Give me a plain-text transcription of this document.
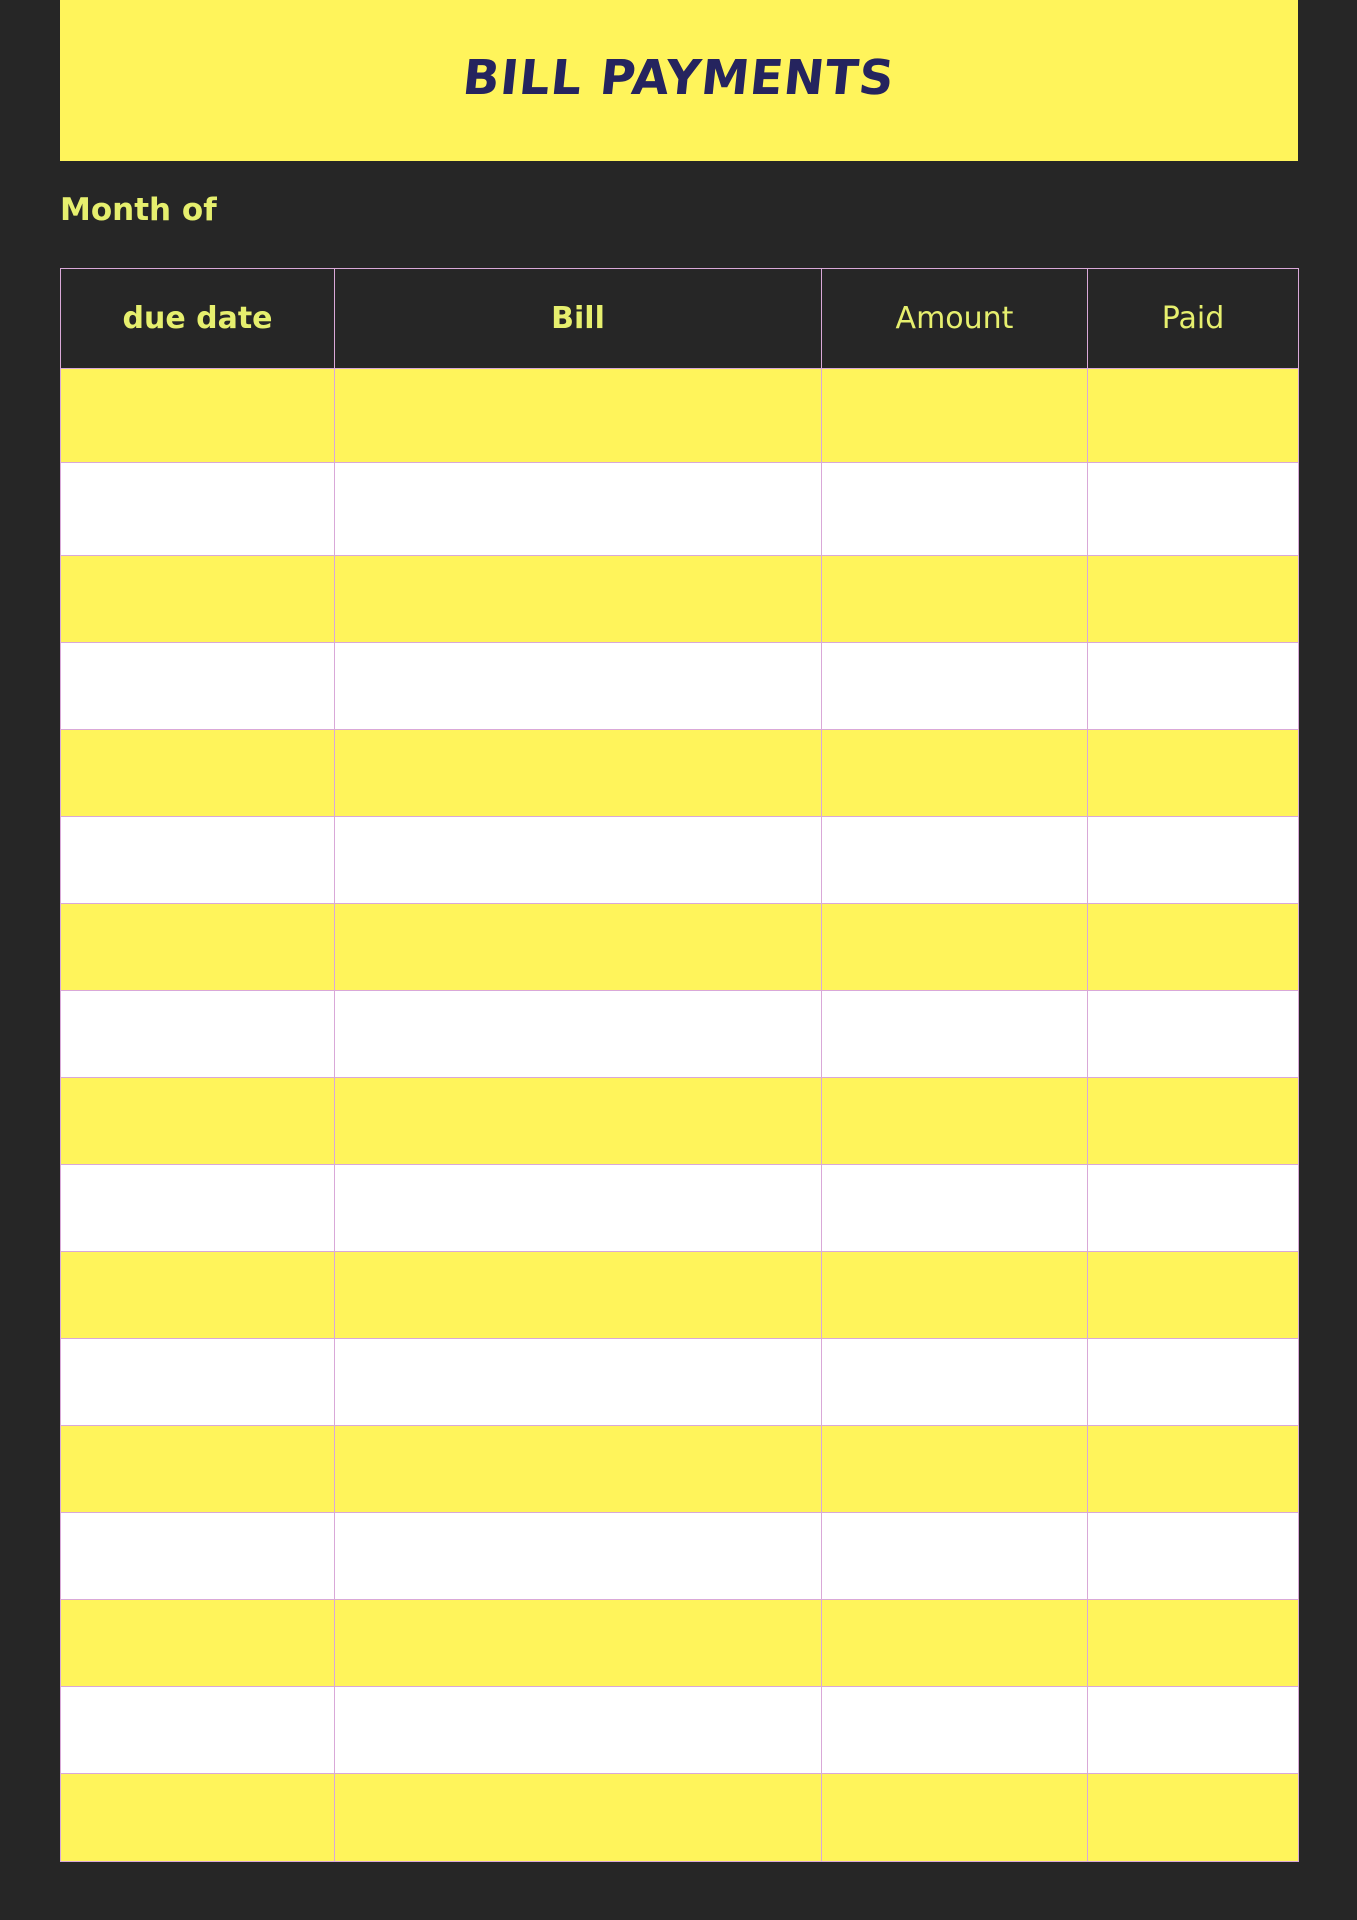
BILL PAYMENTS
Month of
due date	Bill	Amount	Paid
